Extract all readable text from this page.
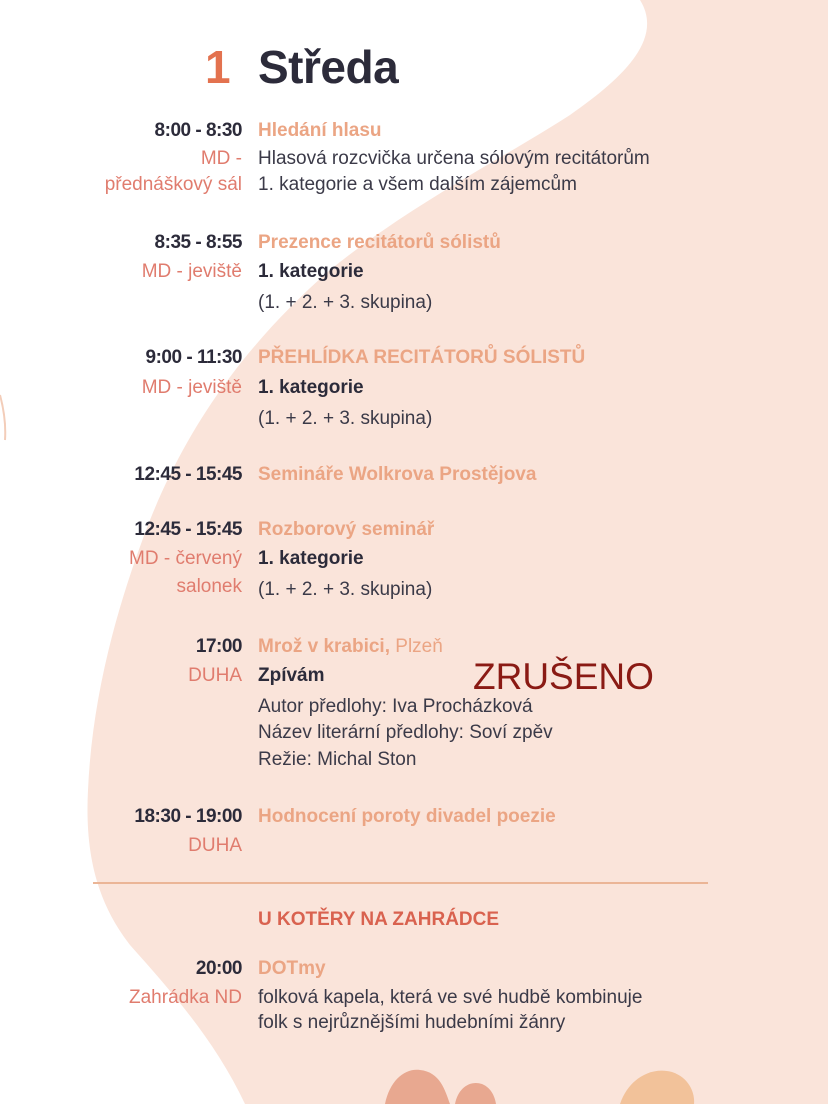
1 Středa
8:00 - 8:30
MD -
přednáškový sál
Hledání hlasu
Hlasová rozcvička určena sólovým recitátorům
1. kategorie a všem dalším zájemcům
8:35 - 8:55
MD - jeviště
Prezence recitátorů sólistů
1. kategorie
(1. + 2. + 3. skupina)
9:00 - 11:30
MD - jeviště
PŘEHLÍDKA RECITÁTORŮ SÓLISTŮ
1. kategorie
(1. + 2. + 3. skupina)
12:45 - 15:45 Semináře Wolkrova Prostějova
12:45 - 15:45
MD - červený
salonek
Rozborový seminář
1. kategorie
(1. + 2. + 3. skupina)
17:00
DUHA
Mrož v krabici, Plzeň
Zpívám
Autor předlohy: Iva Procházková
Název literární předlohy: Soví zpěv
Režie: Michal Ston
ZRUŠENO
18:30 - 19:00
DUHA
Hodnocení poroty divadel poezie
U KOTĚRY NA ZAHRÁDCE
20:00
Zahrádka ND
DOTmy
folková kapela, která ve své hudbě kombinuje
folk s nejrůznějšími hudebními žánry
